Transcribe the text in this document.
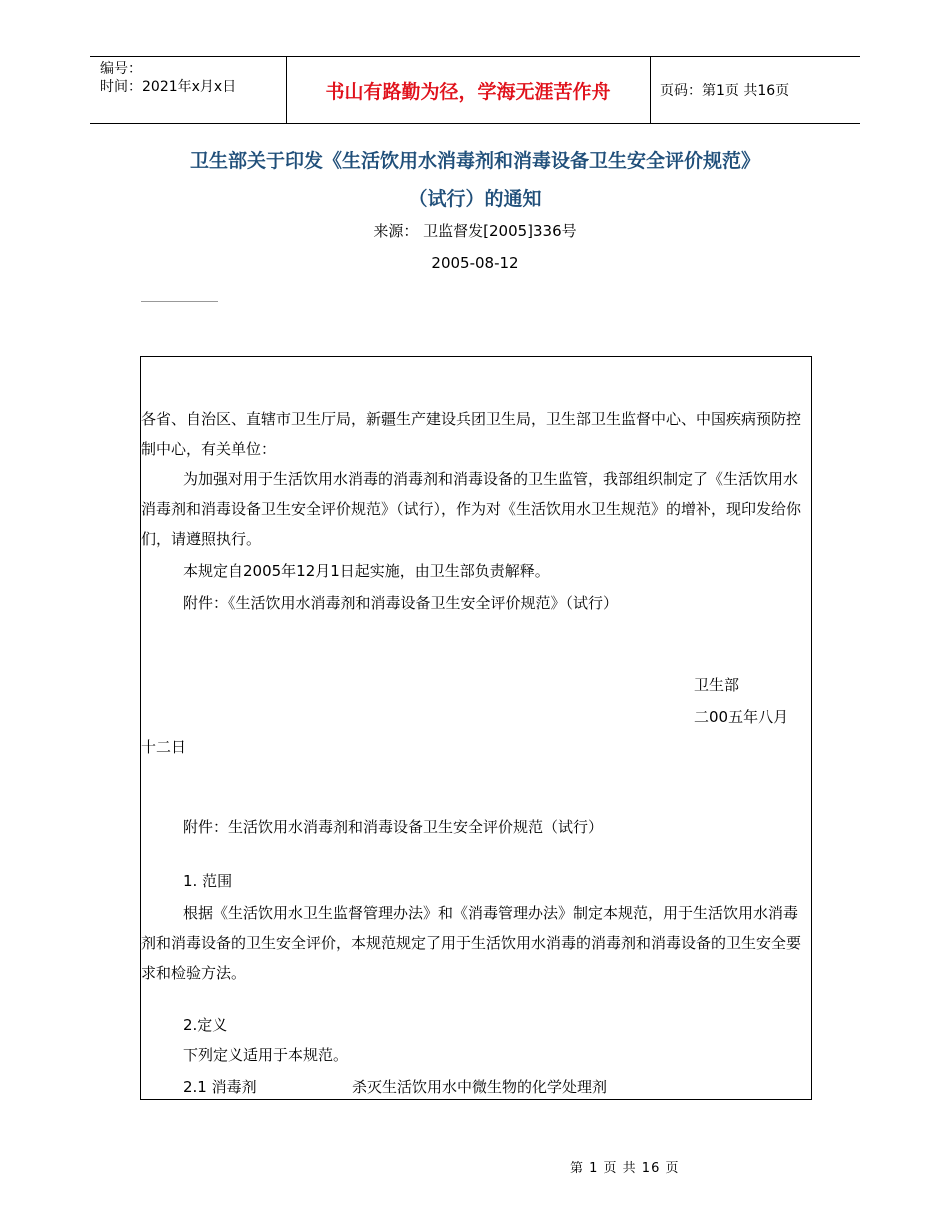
编号：
时间：2021年x月x日	书山有路勤为径，学海无涯苦作舟	页码：第1页 共16页
卫生部关于印发《生活饮用水消毒剂和消毒设备卫生安全评价规范》
（试行）的通知
来源： 卫监督发[2005]336号
2005-08-12
各省、自治区、直辖市卫生厅局，新疆生产建设兵团卫生局，卫生部卫生监督中心、中国疾病预防控制中心，有关单位：
为加强对用于生活饮用水消毒的消毒剂和消毒设备的卫生监管，我部组织制定了《生活饮用水消毒剂和消毒设备卫生安全评价规范》（试行），作为对《生活饮用水卫生规范》的增补，现印发给你们，请遵照执行。
本规定自2005年12月1日起实施，由卫生部负责解释。
附件：《生活饮用水消毒剂和消毒设备卫生安全评价规范》（试行）
卫生部
二00五年八月
十二日
附件：生活饮用水消毒剂和消毒设备卫生安全评价规范（试行）
1. 范围
根据《生活饮用水卫生监督管理办法》和《消毒管理办法》制定本规范，用于生活饮用水消毒剂和消毒设备的卫生安全评价，本规范规定了用于生活饮用水消毒的消毒剂和消毒设备的卫生安全要求和检验方法。
2.定义
下列定义适用于本规范。
2.1 消毒剂	杀灭生活饮用水中微生物的化学处理剂
第 1 页 共 16 页
